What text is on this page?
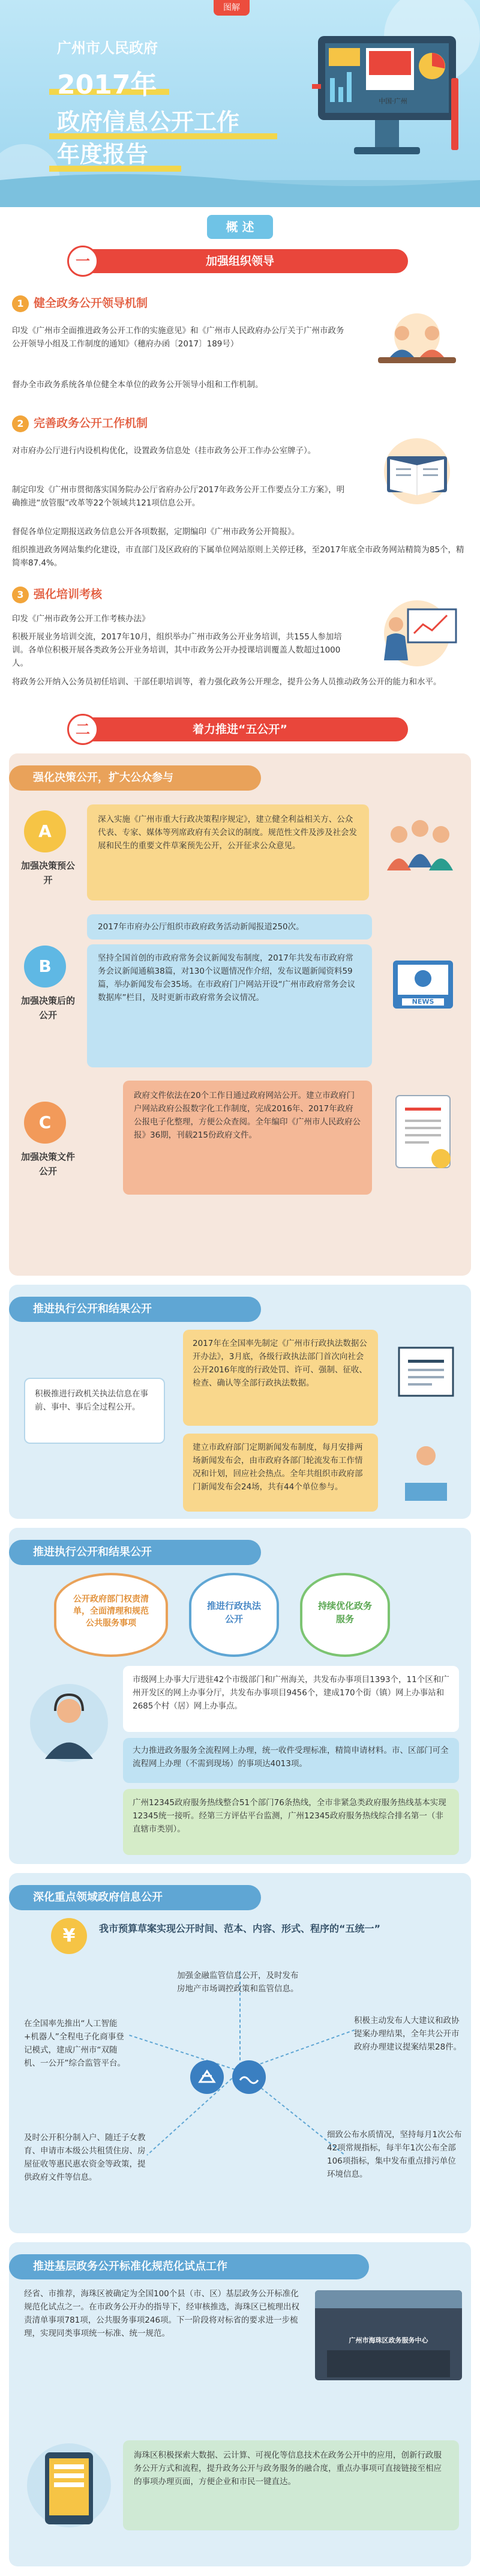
图解
广州市人民政府
2017年
政府信息公开工作
年度报告
中国·广州
概 述
一	加强组织领导
1 健全政务公开领导机制
印发《广州市全面推进政务公开工作的实施意见》和《广州市人民政府办公厅关于广州市政务公开领导小组及工作制度的通知》（穗府办函〔2017〕189号）
督办全市政务系统各单位健全本单位的政务公开领导小组和工作机制。
2 完善政务公开工作机制
对市府办公厅进行内设机构优化，设置政务信息处（挂市政务公开工作办公室牌子）。
制定印发《广州市贯彻落实国务院办公厅省府办公厅2017年政务公开工作要点分工方案》，明确推进“放管服”改革等22个领域共121项信息公开。
督促各单位定期报送政务信息公开各项数据，定期编印《广州市政务公开简报》。
组织推进政务网站集约化建设，市直部门及区政府的下属单位网站原则上关停迁移，至2017年底全市政务网站精简为85个，精简率87.4%。
3 强化培训考核
印发《广州市政务公开工作考核办法》
积极开展业务培训交流，2017年10月，组织举办广州市政务公开业务培训，共155人参加培训。各单位积极开展各类政务公开业务培训，其中市政务公开办授课培训覆盖人数超过1000人。
将政务公开纳入公务员初任培训、干部任职培训等，着力强化政务公开理念，提升公务人员推动政务公开的能力和水平。
二	着力推进“五公开”
强化决策公开，扩大公众参与
A
加强决策预公开
深入实施《广州市重大行政决策程序规定》，建立健全利益相关方、公众代表、专家、媒体等列席政府有关会议的制度。规范性文件及涉及社会发展和民生的重要文件草案预先公开，公开征求公众意见。
B
加强决策后的公开
2017年市府办公厅组织市政府政务活动新闻报道250次。
坚持全国首创的市政府常务会议新闻发布制度，2017年共发布市政府常务会议新闻通稿38篇，对130个议题情况作介绍，发布议题新闻资料59篇，举办新闻发布会35场。在市政府门户网站开设“广州市政府常务会议数据库”栏目，及时更新市政府常务会议情况。	NEWS
C
加强决策文件公开
政府文件依法在20个工作日通过政府网站公开。建立市政府门户网站政府公报数字化工作制度，完成2016年、2017年政府公报电子化整理，方便公众查阅。全年编印《广州市人民政府公报》36期，刊载215份政府文件。
推进执行公开和结果公开
积极推进行政机关执法信息在事前、事中、事后全过程公开。
2017年在全国率先制定《广州市行政执法数据公开办法》，3月底，各级行政执法部门首次向社会公开2016年度的行政处罚、许可、强制、征收、检查、确认等全部行政执法数据。
建立市政府部门定期新闻发布制度，每月安排两场新闻发布会，由市政府各部门轮流发布工作情况和计划，回应社会热点。全年共组织市政府部门新闻发布会24场，共有44个单位参与。
推进执行公开和结果公开
公开政府部门权责清单，全面清理和规范公共服务事项
推进行政执法公开
持续优化政务服务
市级网上办事大厅进驻42个市级部门和广州海关，共发布办事项目1393个，11个区和广州开发区的网上办事分厅，共发布办事项目9456个，建成170个街（镇）网上办事站和2685个村（居）网上办事点。
大力推进政务服务全流程网上办理，统一收件受理标准，精简申请材料。市、区部门可全流程网上办理（不需到现场）的事项达4013项。
广州12345政府服务热线整合51个部门76条热线，全市非紧急类政府服务热线基本实现12345统一接听。经第三方评估平台监测，广州12345政府服务热线综合排名第一（非直辖市类别）。
深化重点领域政府信息公开
¥	我市预算草案实现公开时间、范本、内容、形式、程序的“五统一”
加强金融监管信息公开，及时发布房地产市场调控政策和监管信息。
在全国率先推出“人工智能+机器人”全程电子化商事登记模式，建成广州市“双随机、一公开”综合监管平台。
积极主动发布人大建议和政协提案办理结果，全年共公开市政府办理建议提案结果28件。
及时公开积分制入户、随迁子女教育、申请市本级公共租赁住房、房屋征收等惠民惠农资金等政策，提供政府文件等信息。
细致公布水质情况，坚持每月1次公布42项常规指标，每半年1次公布全部106项指标，集中发布重点排污单位环境信息。
推进基层政务公开标准化规范化试点工作
经省、市推荐，海珠区被确定为全国100个县（市、区）基层政务公开标准化规范化试点之一。在市政务公开办的指导下，经审核推选，海珠区已梳理出权责清单事项781项，公共服务事项246项。下一阶段将对标省的要求进一步梳理，实现同类事项统一标准、统一规范。
广州市海珠区政务服务中心
海珠区积极探索大数据、云计算、可视化等信息技术在政务公开中的应用，创新行政服务公开方式和流程，提升政务公开与政务服务的融合度，重点办事项可直接链接至相应的事项办理页面，方便企业和市民一键直达。
